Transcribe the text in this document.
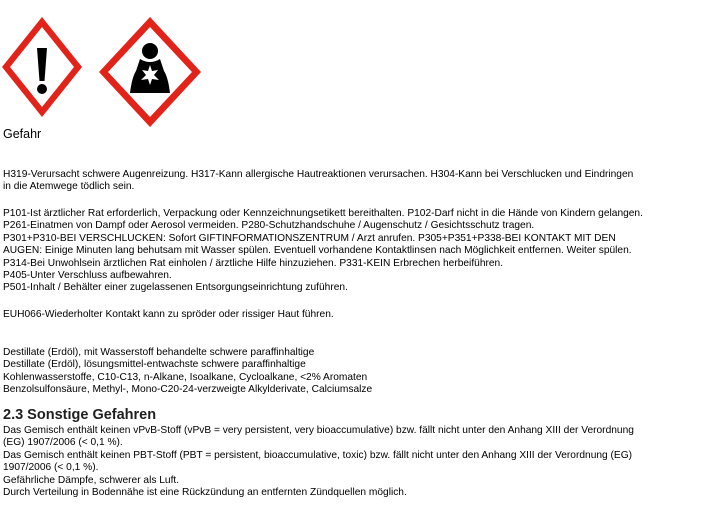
Gefahr
H319-Verursacht schwere Augenreizung. H317-Kann allergische Hautreaktionen verursachen. H304-Kann bei Verschlucken und Eindringen
in die Atemwege tödlich sein.
P101-Ist ärztlicher Rat erforderlich, Verpackung oder Kennzeichnungsetikett bereithalten. P102-Darf nicht in die Hände von Kindern gelangen.
P261-Einatmen von Dampf oder Aerosol vermeiden. P280-Schutzhandschuhe / Augenschutz / Gesichtsschutz tragen.
P301+P310-BEI VERSCHLUCKEN: Sofort GIFTINFORMATIONSZENTRUM / Arzt anrufen. P305+P351+P338-BEI KONTAKT MIT DEN
AUGEN: Einige Minuten lang behutsam mit Wasser spülen. Eventuell vorhandene Kontaktlinsen nach Möglichkeit entfernen. Weiter spülen.
P314-Bei Unwohlsein ärztlichen Rat einholen / ärztliche Hilfe hinzuziehen. P331-KEIN Erbrechen herbeiführen.
P405-Unter Verschluss aufbewahren.
P501-Inhalt / Behälter einer zugelassenen Entsorgungseinrichtung zuführen.
EUH066-Wiederholter Kontakt kann zu spröder oder rissiger Haut führen.
Destillate (Erdöl), mit Wasserstoff behandelte schwere paraffinhaltige
Destillate (Erdöl), lösungsmittel-entwachste schwere paraffinhaltige
Kohlenwasserstoffe, C10-C13, n-Alkane, Isoalkane, Cycloalkane, <2% Aromaten
Benzolsulfonsäure, Methyl-, Mono-C20-24-verzweigte Alkylderivate, Calciumsalze
2.3 Sonstige Gefahren
Das Gemisch enthält keinen vPvB-Stoff (vPvB = very persistent, very bioaccumulative) bzw. fällt nicht unter den Anhang XIII der Verordnung
(EG) 1907/2006 (< 0,1 %).
Das Gemisch enthält keinen PBT-Stoff (PBT = persistent, bioaccumulative, toxic) bzw. fällt nicht unter den Anhang XIII der Verordnung (EG)
1907/2006 (< 0,1 %).
Gefährliche Dämpfe, schwerer als Luft.
Durch Verteilung in Bodennähe ist eine Rückzündung an entfernten Zündquellen möglich.
